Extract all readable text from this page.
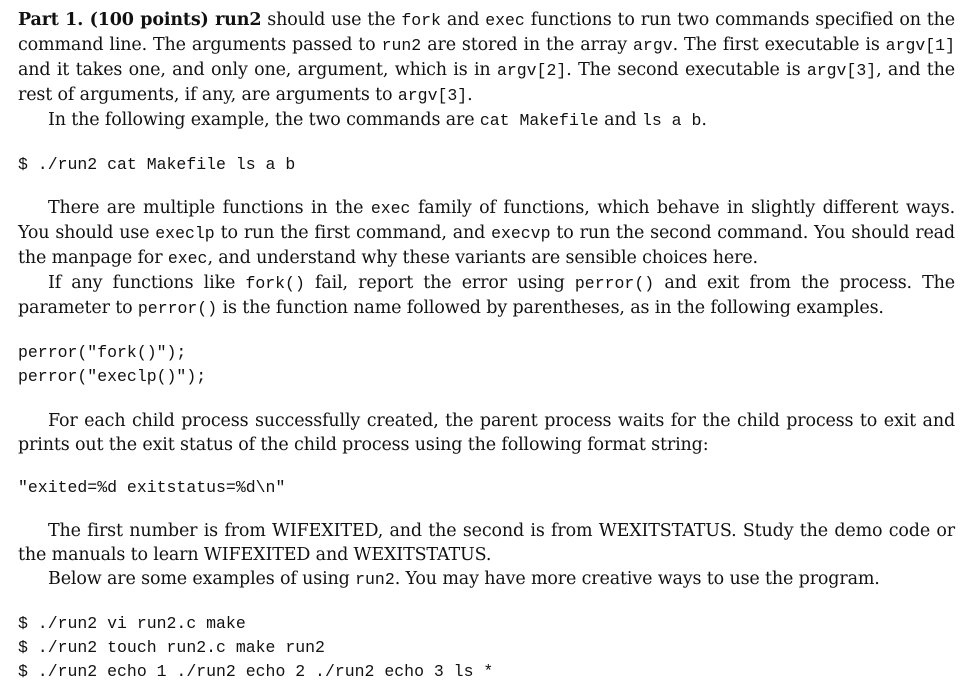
Part 1. (100 points) run2 should use the fork and exec functions to run two commands specified on the command line. The arguments passed to run2 are stored in the array argv. The first executable is argv[1] and it takes one, and only one, argument, which is in argv[2]. The second executable is argv[3], and the rest of arguments, if any, are arguments to argv[3].

In the following example, the two commands are cat Makefile and ls a b.

$ ./run2 cat Makefile ls a b

There are multiple functions in the exec family of functions, which behave in slightly different ways. You should use execlp to run the first command, and execvp to run the second command. You should read the manpage for exec, and understand why these variants are sensible choices here.

If any functions like fork() fail, report the error using perror() and exit from the process. The parameter to perror() is the function name followed by parentheses, as in the following examples.

perror("fork()");
perror("execlp()");

For each child process successfully created, the parent process waits for the child process to exit and prints out the exit status of the child process using the following format string:

"exited=%d exitstatus=%d\n"

The first number is from WIFEXITED, and the second is from WEXITSTATUS. Study the demo code or the manuals to learn WIFEXITED and WEXITSTATUS.

Below are some examples of using run2. You may have more creative ways to use the program.

$ ./run2 vi run2.c make
$ ./run2 touch run2.c make run2
$ ./run2 echo 1 ./run2 echo 2 ./run2 echo 3 ls *
